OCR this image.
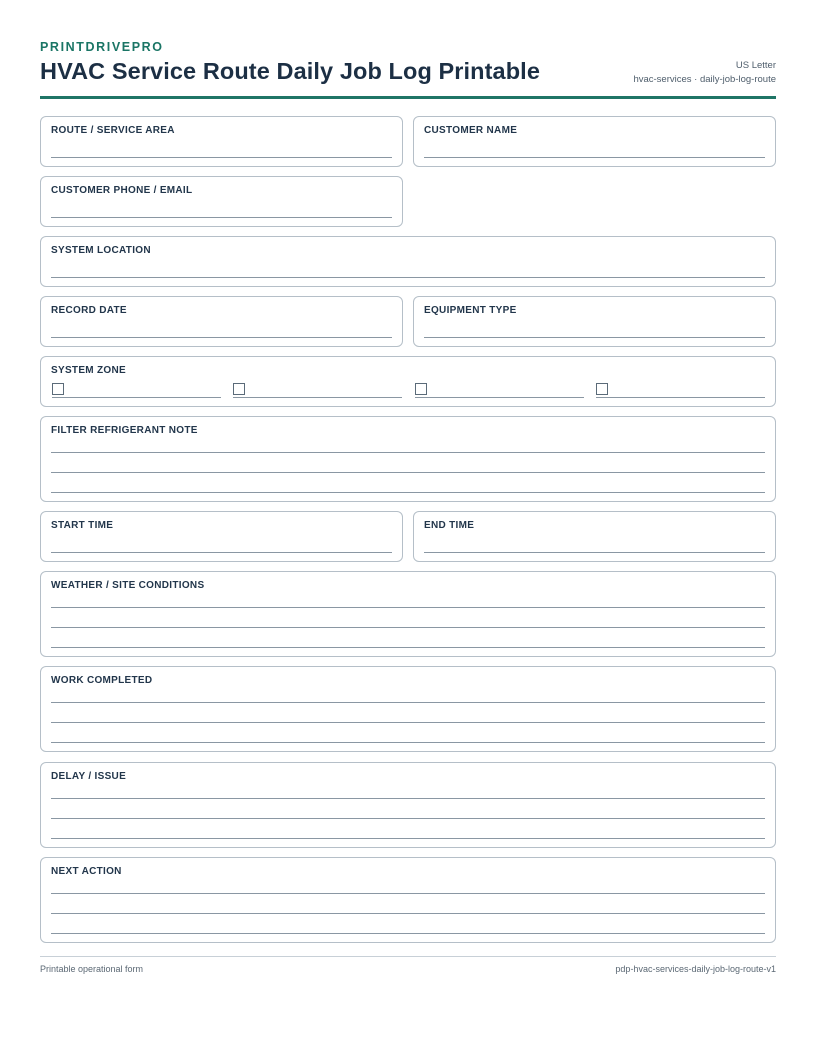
PRINTDRIVEPRO
HVAC Service Route Daily Job Log Printable	US Letter
hvac-services · daily-job-log-route
ROUTE / SERVICE AREA	CUSTOMER NAME
CUSTOMER PHONE / EMAIL
SYSTEM LOCATION
RECORD DATE	EQUIPMENT TYPE
SYSTEM ZONE
FILTER REFRIGERANT NOTE
START TIME	END TIME
WEATHER / SITE CONDITIONS
WORK COMPLETED
DELAY / ISSUE
NEXT ACTION
Printable operational form	pdp-hvac-services-daily-job-log-route-v1
